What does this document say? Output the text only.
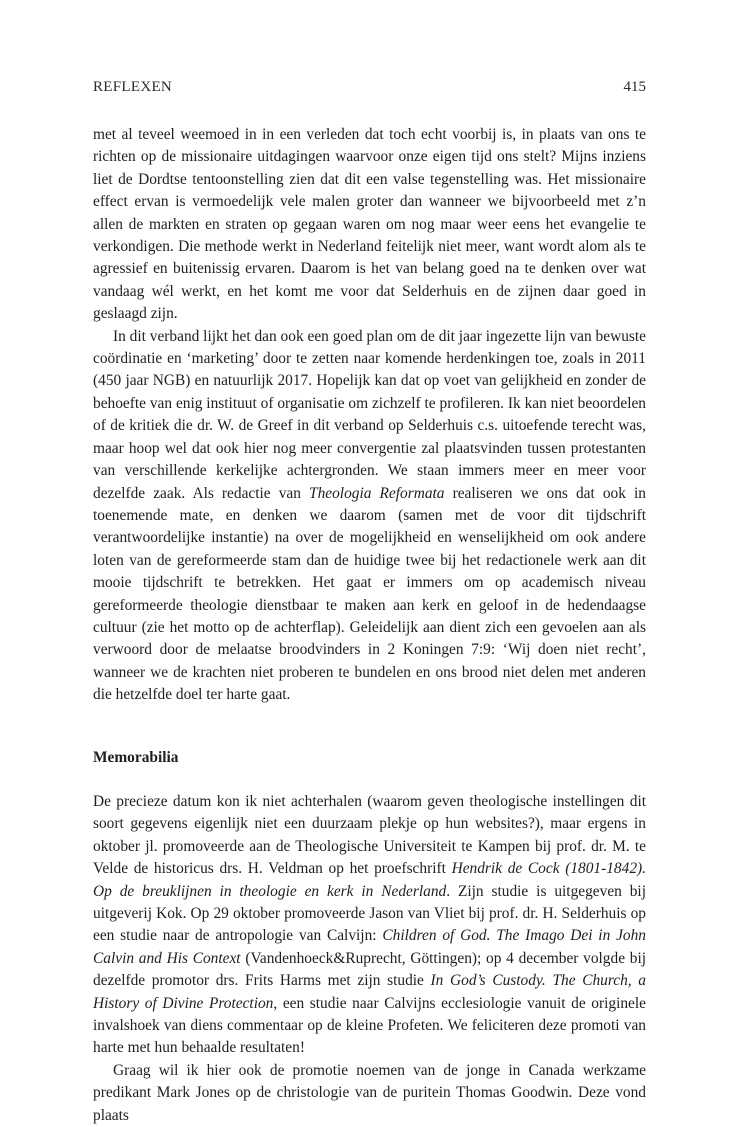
REFLEXEN	415

met al teveel weemoed in in een verleden dat toch echt voorbij is, in plaats van ons te richten op de missionaire uitdagingen waarvoor onze eigen tijd ons stelt? Mijns inziens liet de Dordtse tentoonstelling zien dat dit een valse tegenstelling was. Het missionaire effect ervan is vermoedelijk vele malen groter dan wanneer we bijvoorbeeld met z’n allen de markten en straten op gegaan waren om nog maar weer eens het evangelie te verkondigen. Die methode werkt in Nederland feitelijk niet meer, want wordt alom als te agressief en buitenissig ervaren. Daarom is het van belang goed na te denken over wat vandaag wél werkt, en het komt me voor dat Selderhuis en de zijnen daar goed in geslaagd zijn.

In dit verband lijkt het dan ook een goed plan om de dit jaar ingezette lijn van bewuste coördinatie en ‘marketing’ door te zetten naar komende herdenkingen toe, zoals in 2011 (450 jaar NGB) en natuurlijk 2017. Hopelijk kan dat op voet van gelijkheid en zonder de behoefte van enig instituut of organisatie om zichzelf te profileren. Ik kan niet beoordelen of de kritiek die dr. W. de Greef in dit verband op Selderhuis c.s. uitoefende terecht was, maar hoop wel dat ook hier nog meer convergentie zal plaatsvinden tussen protestanten van verschillende kerkelijke achtergronden. We staan immers meer en meer voor dezelfde zaak. Als redactie van Theologia Reformata realiseren we ons dat ook in toenemende mate, en denken we daarom (samen met de voor dit tijdschrift verantwoordelijke instantie) na over de mogelijkheid en wenselijkheid om ook andere loten van de gereformeerde stam dan de huidige twee bij het redactionele werk aan dit mooie tijdschrift te betrekken. Het gaat er immers om op academisch niveau gereformeerde theologie dienstbaar te maken aan kerk en geloof in de hedendaagse cultuur (zie het motto op de achterflap). Geleidelijk aan dient zich een gevoelen aan als verwoord door de melaatse broodvinders in 2 Koningen 7:9: ‘Wij doen niet recht’, wanneer we de krachten niet proberen te bundelen en ons brood niet delen met anderen die hetzelfde doel ter harte gaat.

Memorabilia

De precieze datum kon ik niet achterhalen (waarom geven theologische instellingen dit soort gegevens eigenlijk niet een duurzaam plekje op hun websites?), maar ergens in oktober jl. promoveerde aan de Theologische Universiteit te Kampen bij prof. dr. M. te Velde de historicus drs. H. Veldman op het proefschrift Hendrik de Cock (1801-1842). Op de breuklijnen in theologie en kerk in Nederland. Zijn studie is uitgegeven bij uitgeverij Kok. Op 29 oktober promoveerde Jason van Vliet bij prof. dr. H. Selderhuis op een studie naar de antropologie van Calvijn: Children of God. The Imago Dei in John Calvin and His Context (Vandenhoeck&Ruprecht, Göttingen); op 4 december volgde bij dezelfde promotor drs. Frits Harms met zijn studie In God’s Custody. The Church, a History of Divine Protection, een studie naar Calvijns ecclesiologie vanuit de originele invalshoek van diens commentaar op de kleine Profeten. We feliciteren deze promoti van harte met hun behaalde resultaten!

Graag wil ik hier ook de promotie noemen van de jonge in Canada werkzame predikant Mark Jones op de christologie van de puritein Thomas Goodwin. Deze vond plaats
